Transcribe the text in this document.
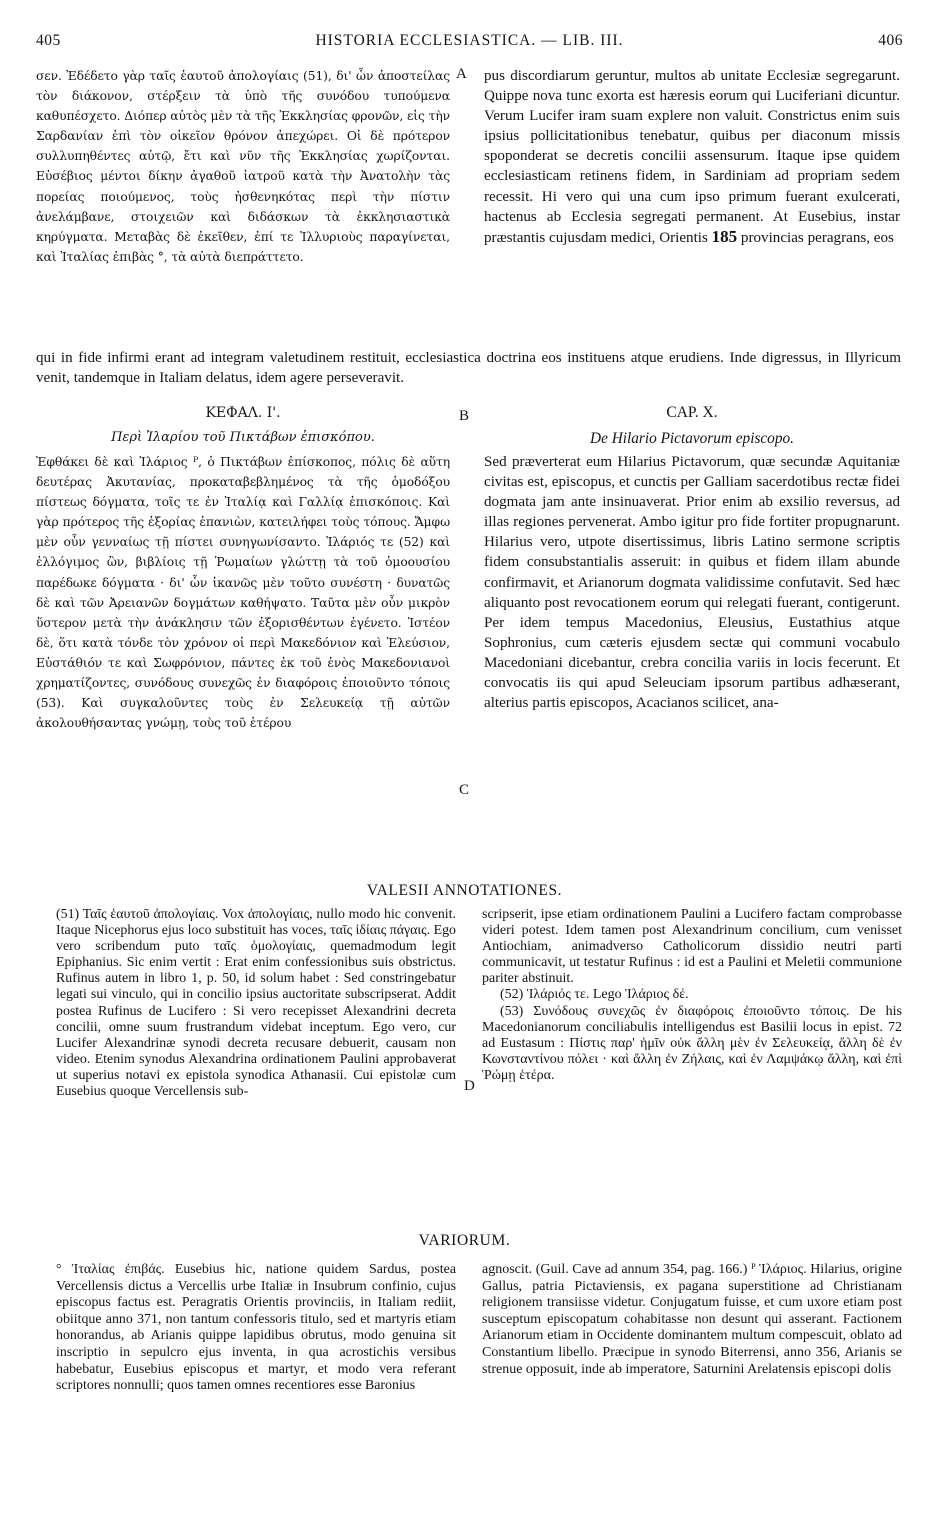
405	HISTORIA ECCLESIASTICA. — LIB. III.	406

σεν. Ἐδέδετο γὰρ ταῖς ἑαυτοῦ ἀπολογίαις (51), δι' ὧν ἀποστείλας τὸν διάκονον, στέρξειν τὰ ὑπὸ τῆς συνόδου τυπούμενα καθυπέσχετο. Διόπερ αὐτὸς μὲν τὰ τῆς Ἐκκλησίας φρονῶν, εἰς τὴν Σαρδανίαν ἐπὶ τὸν οἰκεῖον θρόνον ἀπεχώρει. Οἱ δὲ πρότερον συλλυπηθέντες αὐτῷ, ἔτι καὶ νῦν τῆς Ἐκκλησίας χωρίζονται. Εὐσέβιος μέντοι δίκην ἀγαθοῦ ἰατροῦ κατὰ τὴν Ἀνατολὴν τὰς πορείας ποιούμενος, τοὺς ἠσθενηκότας περὶ τὴν πίστιν ἀνελάμβανε, στοιχειῶν καὶ διδάσκων τὰ ἐκκλησιαστικὰ κηρύγματα. Μεταβὰς δὲ ἐκεῖθεν, ἐπί τε Ἰλλυριοὺς παραγίνεται, καὶ Ἰταλίας ἐπιβὰς °, τὰ αὐτὰ διεπράττετο.

A pus discordiarum geruntur, multos ab unitate Ecclesiæ segregarunt. Quippe nova tunc exorta est hæresis eorum qui Luciferiani dicuntur. Verum Lucifer iram suam explere non valuit. Constrictus enim suis ipsius pollicitationibus tenebatur, quibus per diaconum missis spoponderat se decretis concilii assensurum. Itaque ipse quidem ecclesiasticam retinens fidem, in Sardiniam ad propriam sedem recessit. Hi vero qui una cum ipso primum fuerant exulcerati, hactenus ab Ecclesia segregati permanent. At Eusebius, instar præstantis cujusdam medici, Orientis 185 provincias peragrans, eos

qui in fide infirmi erant ad integram valetudinem restituit, ecclesiastica doctrina eos instituens atque erudiens. Inde digressus, in Illyricum venit, tandemque in Italiam delatus, idem agere perseveravit.
ΚΕΦΑΛ. Ι'.	B	CAP. X.
Περὶ Ἱλαρίου τοῦ Πικτάβων ἐπισκόπου.	De Hilario Pictavorum episcopo.

Ἐφθάκει δὲ καὶ Ἱλάριος ᴾ, ὁ Πικτάβων ἐπίσκοπος, πόλις δὲ αὕτη δευτέρας Ἀκυτανίας, προκαταβεβλημένος τὰ τῆς ὁμοδόξου πίστεως δόγματα, τοῖς τε ἐν Ἰταλίᾳ καὶ Γαλλίᾳ ἐπισκόποις. Καὶ γὰρ πρότερος τῆς ἐξορίας ἐπανιὼν, κατειλήφει τοὺς τόπους. Ἄμφω μὲν οὖν γενναίως τῇ πίστει συνηγωνίσαντο. Ἱλάριός τε (52) καὶ ἐλλόγιμος ὢν, βιβλίοις τῇ Ῥωμαίων γλώττῃ τὰ τοῦ ὁμοουσίου παρέδωκε δόγματα · δι' ὧν ἱκανῶς μὲν τοῦτο συνέστη · δυνατῶς δὲ καὶ τῶν Ἀρειανῶν δογμάτων καθήψατο. Ταῦτα μὲν οὖν μικρὸν ὕστερον μετὰ τὴν ἀνάκλησιν τῶν ἐξορισθέντων ἐγένετο. Ἰστέον δὲ, ὅτι κατὰ τόνδε τὸν χρόνον οἱ περὶ Μακεδόνιον καὶ Ἐλεύσιον, Εὐστάθιόν τε καὶ Σωφρόνιον, πάντες ἐκ τοῦ ἑνὸς Μακεδονιανοὶ χρηματίζοντες, συνόδους συνεχῶς ἐν διαφόροις ἐποιοῦντο τόποις (53). Καὶ συγκαλοῦντες τοὺς ἐν Σελευκείᾳ τῇ αὐτῶν ἀκολουθήσαντας γνώμῃ, τοὺς τοῦ ἑτέρου

C

Sed præverterat eum Hilarius Pictavorum, quæ secundæ Aquitaniæ civitas est, episcopus, et cunctis per Galliam sacerdotibus rectæ fidei dogmata jam ante insinuaverat. Prior enim ab exsilio reversus, ad illas regiones pervenerat. Ambo igitur pro fide fortiter propugnarunt. Hilarius vero, utpote disertissimus, libris Latino sermone scriptis fidem consubstantialis asseruit: in quibus et fidem illam abunde confirmavit, et Arianorum dogmata validissime confutavit. Sed hæc aliquanto post revocationem eorum qui relegati fuerant, contigerunt. Per idem tempus Macedonius, Eleusius, Eustathius atque Sophronius, cum cæteris ejusdem sectæ qui communi vocabulo Macedoniani dicebantur, crebra concilia variis in locis fecerunt. Et convocatis iis qui apud Seleuciam ipsorum partibus adhæserant, alterius partis episcopos, Acacianos scilicet, ana-

VALESII ANNOTATIONES.

(51) Ταῖς ἑαυτοῦ ἀπολογίαις. Vox ἀπολογίαις, nullo modo hic convenit. Itaque Nicephorus ejus loco substituit has voces, ταῖς ἰδίαις πάγαις. Ego vero scribendum puto ταῖς ὁμολογίαις, quemadmodum legit Epiphanius. Sic enim vertit : Erat enim confessionibus suis obstrictus. Rufinus autem in libro 1, p. 50, id solum habet : Sed constringebatur legati sui vinculo, qui in concilio ipsius auctoritate subscripserat. Addit postea Rufinus de Lucifero : Si vero recepisset Alexandrini decreta concilii, omne suum frustrandum videbat inceptum. Ego vero, cur Lucifer Alexandrinæ synodi decreta recusare debuerit, causam non video. Etenim synodus Alexandrina ordinationem Paulini approbaverat ut superius notavi ex epistola synodica Athanasii. Cui epistolæ cum Eusebius quoque Vercellensis sub-	D

scripserit, ipse etiam ordinationem Paulini a Lucifero factam comprobasse videri potest. Idem tamen post Alexandrinum concilium, cum venisset Antiochiam, animadverso Catholicorum dissidio neutri parti communicavit, ut testatur Rufinus : id est a Paulini et Meletii communione pariter abstinuit.

(52) Ἱλάριός τε. Lego Ἱλάριος δέ.

(53) Συνόδους συνεχῶς ἐν διαφόροις ἐποιοῦντο τόποις. De his Macedonianorum conciliabulis intelligendus est Basilii locus in epist. 72 ad Eustasum : Πίστις παρ' ἡμῖν οὐκ ἄλλη μὲν ἐν Σελευκείᾳ, ἄλλη δὲ ἐν Κωνσταντίνου πόλει · καὶ ἄλλη ἐν Ζήλαις, καὶ ἐν Λαμψάκῳ ἄλλη, καὶ ἐπὶ Ῥώμῃ ἑτέρα.

VARIORUM.

° Ἰταλίας ἐπιβάς. Eusebius hic, natione quidem Sardus, postea Vercellensis dictus a Vercellis urbe Italiæ in Insubrum confinio, cujus episcopus factus est. Peragratis Orientis provinciis, in Italiam rediit, obiitque anno 371, non tantum confessoris titulo, sed et martyris etiam honorandus, ab Arianis quippe lapidibus obrutus, modo genuina sit inscriptio in sepulcro ejus inventa, in qua acrostichis versibus habebatur, Eusebius episcopus et martyr, et modo vera referant scriptores nonnulli; quos tamen omnes recentiores esse Baronius

agnoscit. (Guil. Cave ad annum 354, pag. 166.) ᴾ Ἱλάριος. Hilarius, origine Gallus, patria Pictaviensis, ex pagana superstitione ad Christianam religionem transiisse videtur. Conjugatum fuisse, et cum uxore etiam post susceptum episcopatum cohabitasse non desunt qui asserant. Factionem Arianorum etiam in Occidente dominantem multum compescuit, oblato ad Constantium libello. Præcipue in synodo Biterrensi, anno 356, Arianis se strenue opposuit, inde ab imperatore, Saturnini Arelatensis episcopi dolis
